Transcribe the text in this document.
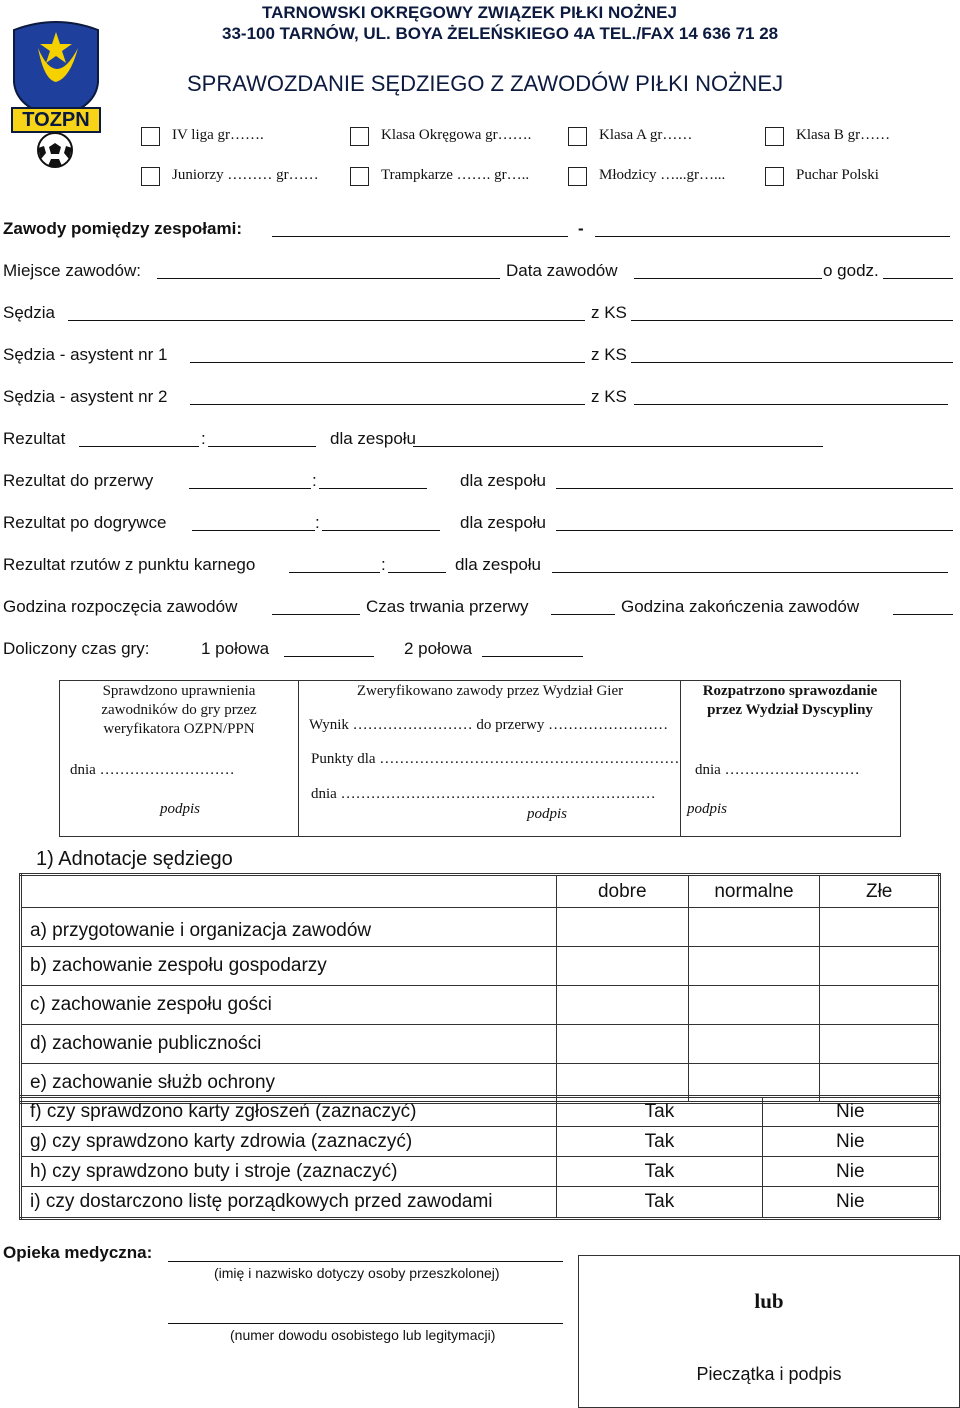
TOZPN
TARNOWSKI OKRĘGOWY ZWIĄZEK PIŁKI NOŻNEJ
33-100 TARNÓW, UL. BOYA ŻELEŃSKIEGO 4A TEL./FAX 14 636 71 28
SPRAWOZDANIE SĘDZIEGO Z ZAWODÓW PIŁKI NOŻNEJ
IV liga gr…….	Klasa Okręgowa gr…….	Klasa A gr……	Klasa B gr……
Juniorzy ……… gr……	Trampkarze ……. gr…..	Młodzicy …...gr…...	Puchar Polski
Zawody pomiędzy zespołami:	-
Miejsce zawodów:	Data zawodów	o godz.
Sędzia	z KS
Sędzia - asystent nr 1	z KS
Sędzia - asystent nr 2	z KS
Rezultat	:	dla zespołu
Rezultat do przerwy	:	dla zespołu
Rezultat po dogrywce	:	dla zespołu
Rezultat rzutów z punktu karnego	:	dla zespołu
Godzina rozpoczęcia zawodów	Czas trwania przerwy	Godzina zakończenia zawodów
Doliczony czas gry:	1 połowa	2 połowa
Sprawdzono uprawnienia zawodników do gry przez weryfikatora OZPN/PPN
dnia ………………………
podpis
Zweryfikowano zawody przez Wydział Gier
Wynik …………………… do przerwy ……………………
Punkty dla ……………………………………………………
dnia ………………………………………………………
podpis
Rozpatrzono sprawozdanie przez Wydział Dyscypliny
dnia ………………………
podpis
1) Adnotacje sędziego
	dobre	normalne	Złe
a) przygotowanie i organizacja zawodów			
b) zachowanie zespołu gospodarzy			
c) zachowanie zespołu gości			
d) zachowanie publiczności			
e) zachowanie służb ochrony			
f) czy sprawdzono karty zgłoszeń (zaznaczyć)	Tak	Nie
g) czy sprawdzono karty zdrowia (zaznaczyć)	Tak	Nie
h) czy sprawdzono buty i stroje (zaznaczyć)	Tak	Nie
i) czy dostarczono listę porządkowych przed zawodami	Tak	Nie
Opieka medyczna:
(imię i nazwisko dotyczy osoby przeszkolonej)
(numer dowodu osobistego lub legitymacji)
lub
Pieczątka i podpis
